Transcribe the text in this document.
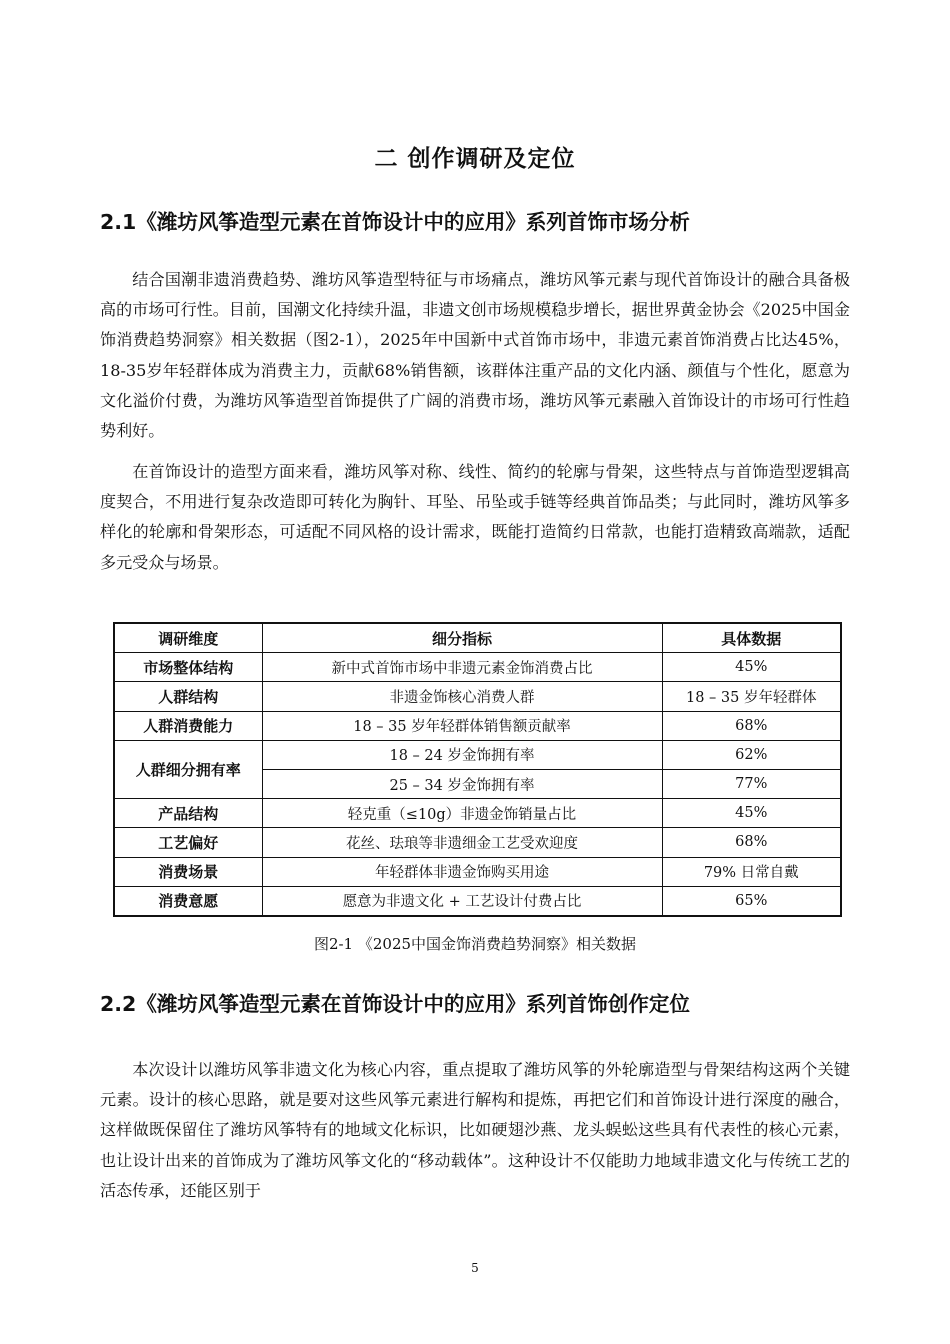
二 创作调研及定位
2.1《潍坊风筝造型元素在首饰设计中的应用》系列首饰市场分析

结合国潮非遗消费趋势、潍坊风筝造型特征与市场痛点，潍坊风筝元素与现代首饰设计的融合具备极高的市场可行性。目前，国潮文化持续升温，非遗文创市场规模稳步增长，据世界黄金协会《2025中国金饰消费趋势洞察》相关数据（图2-1），2025年中国新中式首饰市场中，非遗元素首饰消费占比达45%，18-35岁年轻群体成为消费主力，贡献68%销售额，该群体注重产品的文化内涵、颜值与个性化，愿意为文化溢价付费，为潍坊风筝造型首饰提供了广阔的消费市场，潍坊风筝元素融入首饰设计的市场可行性趋势利好。

在首饰设计的造型方面来看，潍坊风筝对称、线性、简约的轮廓与骨架，这些特点与首饰造型逻辑高度契合，不用进行复杂改造即可转化为胸针、耳坠、吊坠或手链等经典首饰品类；与此同时，潍坊风筝多样化的轮廓和骨架形态，可适配不同风格的设计需求，既能打造简约日常款，也能打造精致高端款，适配多元受众与场景。

调研维度	细分指标	具体数据
市场整体结构	新中式首饰市场中非遗元素金饰消费占比	45%
人群结构	非遗金饰核心消费人群	18 – 35 岁年轻群体
人群消费能力	18 – 35 岁年轻群体销售额贡献率	68%
人群细分拥有率	18 – 24 岁金饰拥有率	62%
	25 – 34 岁金饰拥有率	77%
产品结构	轻克重（≤10g）非遗金饰销量占比	45%
工艺偏好	花丝、珐琅等非遗细金工艺受欢迎度	68%
消费场景	年轻群体非遗金饰购买用途	79% 日常自戴
消费意愿	愿意为非遗文化 + 工艺设计付费占比	65%
图2-1 《2025中国金饰消费趋势洞察》相关数据
2.2《潍坊风筝造型元素在首饰设计中的应用》系列首饰创作定位

本次设计以潍坊风筝非遗文化为核心内容，重点提取了潍坊风筝的外轮廓造型与骨架结构这两个关键元素。设计的核心思路，就是要对这些风筝元素进行解构和提炼，再把它们和首饰设计进行深度的融合，这样做既保留住了潍坊风筝特有的地域文化标识，比如硬翅沙燕、龙头蜈蚣这些具有代表性的核心元素，也让设计出来的首饰成为了潍坊风筝文化的“移动载体”。这种设计不仅能助力地域非遗文化与传统工艺的活态传承，还能区别于

5
